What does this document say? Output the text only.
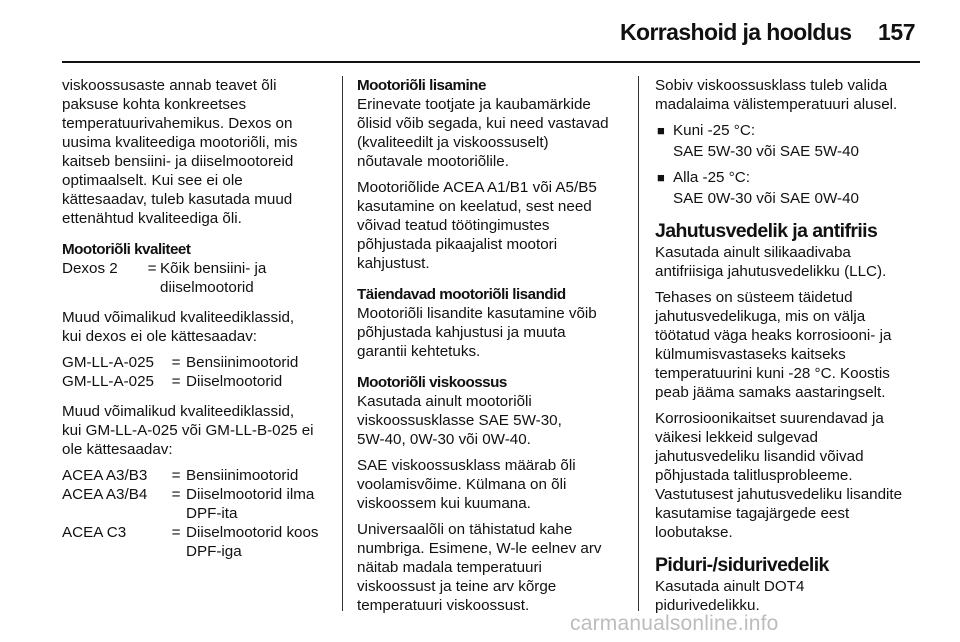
Korrashoid ja hooldus 157

viskoossusaste annab teavet õli
paksuse kohta konkreetses
temperatuurivahemikus. Dexos on
uusima kvaliteediga mootoriõli, mis
kaitseb bensiini- ja diiselmootoreid
optimaalselt. Kui see ei ole
kättesaadav, tuleb kasutada muud
ettenähtud kvaliteediga õli.

Mootoriõli kvaliteet
Dexos 2	=	Kõik bensiini- ja
diiselmootorid

Muud võimalikud kvaliteediklassid,
kui dexos ei ole kättesaadav:

GM-LL-A-025	=	Bensiinimootorid
GM-LL-A-025	=	Diiselmootorid

Muud võimalikud kvaliteediklassid,
kui GM-LL-A-025 või GM-LL-B-025 ei
ole kättesaadav:

ACEA A3/B3	=	Bensiinimootorid
ACEA A3/B4	=	Diiselmootorid ilma
DPF-ita
ACEA C3	=	Diiselmootorid koos
DPF-iga
Mootoriõli lisamine

Erinevate tootjate ja kaubamärkide
õlisid võib segada, kui need vastavad
(kvaliteedilt ja viskoossuselt)
nõutavale mootoriõlile.

Mootoriõlide ACEA A1/B1 või A5/B5
kasutamine on keelatud, sest need
võivad teatud töötingimustes
põhjustada pikaajalist mootori
kahjustust.

Täiendavad mootoriõli lisandid

Mootoriõli lisandite kasutamine võib
põhjustada kahjustusi ja muuta
garantii kehtetuks.

Mootoriõli viskoossus

Kasutada ainult mootoriõli
viskoossusklasse SAE 5W-30,
5W-40, 0W-30 või 0W-40.

SAE viskoossusklass määrab õli
voolamisvõime. Külmana on õli
viskoossem kui kuumana.

Universaalõli on tähistatud kahe
numbriga. Esimene, W-le eelnev arv
näitab madala temperatuuri
viskoossust ja teine arv kõrge
temperatuuri viskoossust.

Sobiv viskoossusklass tuleb valida
madalaima välistemperatuuri alusel.

■ Kuni -25 °C:
SAE 5W-30 või SAE 5W-40
■ Alla -25 °C:
SAE 0W-30 või SAE 0W-40
Jahutusvedelik ja antifriis

Kasutada ainult silikaadivaba
antifriisiga jahutusvedelikku (LLC).

Tehases on süsteem täidetud
jahutusvedelikuga, mis on välja
töötatud väga heaks korrosiooni- ja
külmumisvastaseks kaitseks
temperatuurini kuni -28 °C. Koostis
peab jääma samaks aastaringselt.

Korrosioonikaitset suurendavad ja
väikesi lekkeid sulgevad
jahutusvedeliku lisandid võivad
põhjustada talitlusprobleeme.
Vastutusest jahutusvedeliku lisandite
kasutamise tagajärgede eest
loobutakse.

Piduri-/sidurivedelik

Kasutada ainult DOT4
pidurivedelikku.

carmanualsonline.info
